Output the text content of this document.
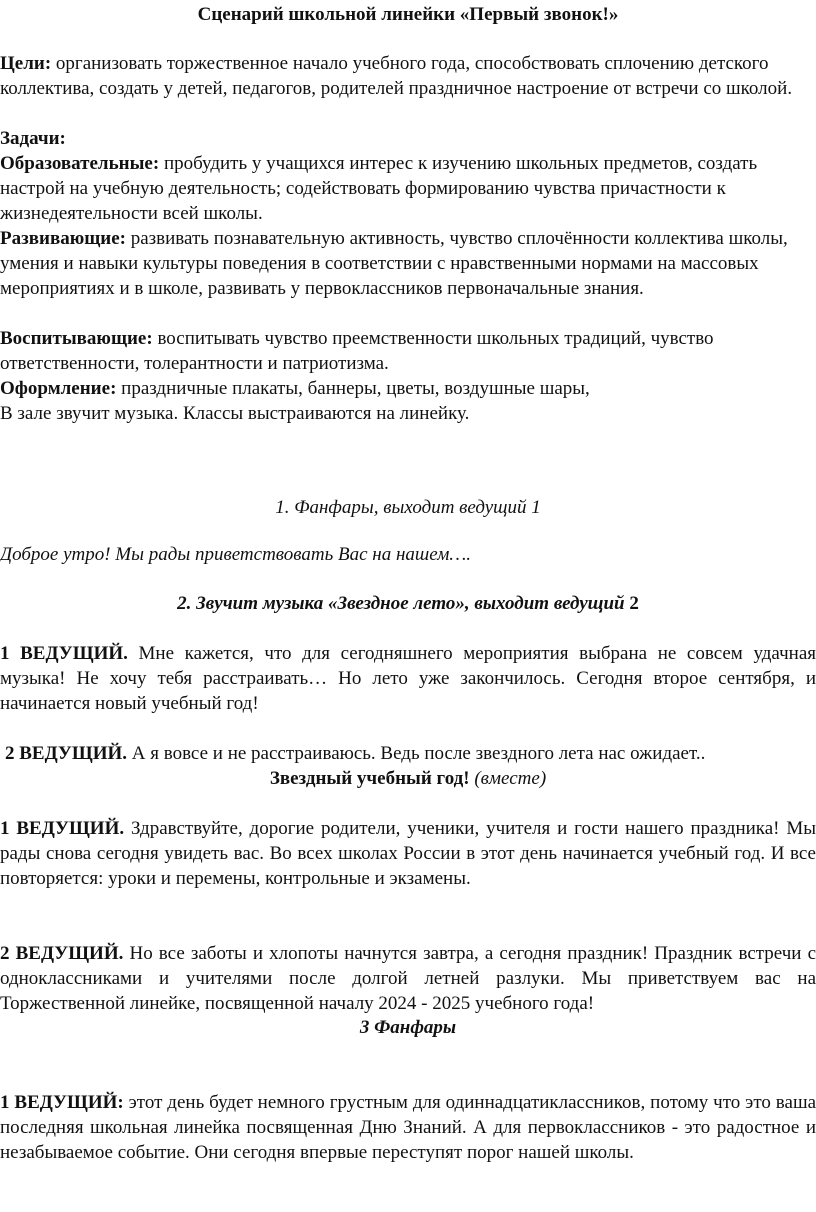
Сценарий школьной линейки «Первый звонок!»

Цели: организовать торжественное начало учебного года, способствовать сплочению детского коллектива, создать у детей, педагогов, родителей праздничное настроение от встречи со школой.

Задачи:

Образовательные: пробудить у учащихся интерес к изучению школьных предметов, создать настрой на учебную деятельность; содействовать формированию чувства причастности к жизнедеятельности всей школы.

Развивающие: развивать познавательную активность, чувство сплочённости коллектива школы, умения и навыки культуры поведения в соответствии с нравственными нормами на массовых мероприятиях и в школе, развивать у первоклассников первоначальные знания.

Воспитывающие: воспитывать чувство преемственности школьных традиций, чувство ответственности, толерантности и патриотизма.

Оформление: праздничные плакаты, баннеры, цветы, воздушные шары,

В зале звучит музыка. Классы выстраиваются на линейку.

1. Фанфары, выходит ведущий 1

Доброе утро! Мы рады приветствовать Вас на нашем….

2. Звучит музыка «Звездное лето», выходит ведущий 2

1 ВЕДУЩИЙ. Мне кажется, что для сегодняшнего мероприятия выбрана не совсем удачная музыка! Не хочу тебя расстраивать… Но лето уже закончилось. Сегодня второе сентября, и начинается новый учебный год!

2 ВЕДУЩИЙ. А я вовсе и не расстраиваюсь. Ведь после звездного лета нас ожидает..

Звездный учебный год! (вместе)

1 ВЕДУЩИЙ. Здравствуйте, дорогие родители, ученики, учителя и гости нашего праздника! Мы рады снова сегодня увидеть вас. Во всех школах России в этот день начинается учебный год. И все повторяется: уроки и перемены, контрольные и экзамены.

2 ВЕДУЩИЙ. Но все заботы и хлопоты начнутся завтра, а сегодня праздник! Праздник встречи с одноклассниками и учителями после долгой летней разлуки. Мы приветствуем вас на Торжественной линейке, посвященной началу 2024 - 2025 учебного года!

3 Фанфары

1 ВЕДУЩИЙ: этот день будет немного грустным для одиннадцатиклассников, потому что это ваша последняя школьная линейка посвященная Дню Знаний. А для первоклассников - это радостное и незабываемое событие. Они сегодня впервые переступят порог нашей школы.
